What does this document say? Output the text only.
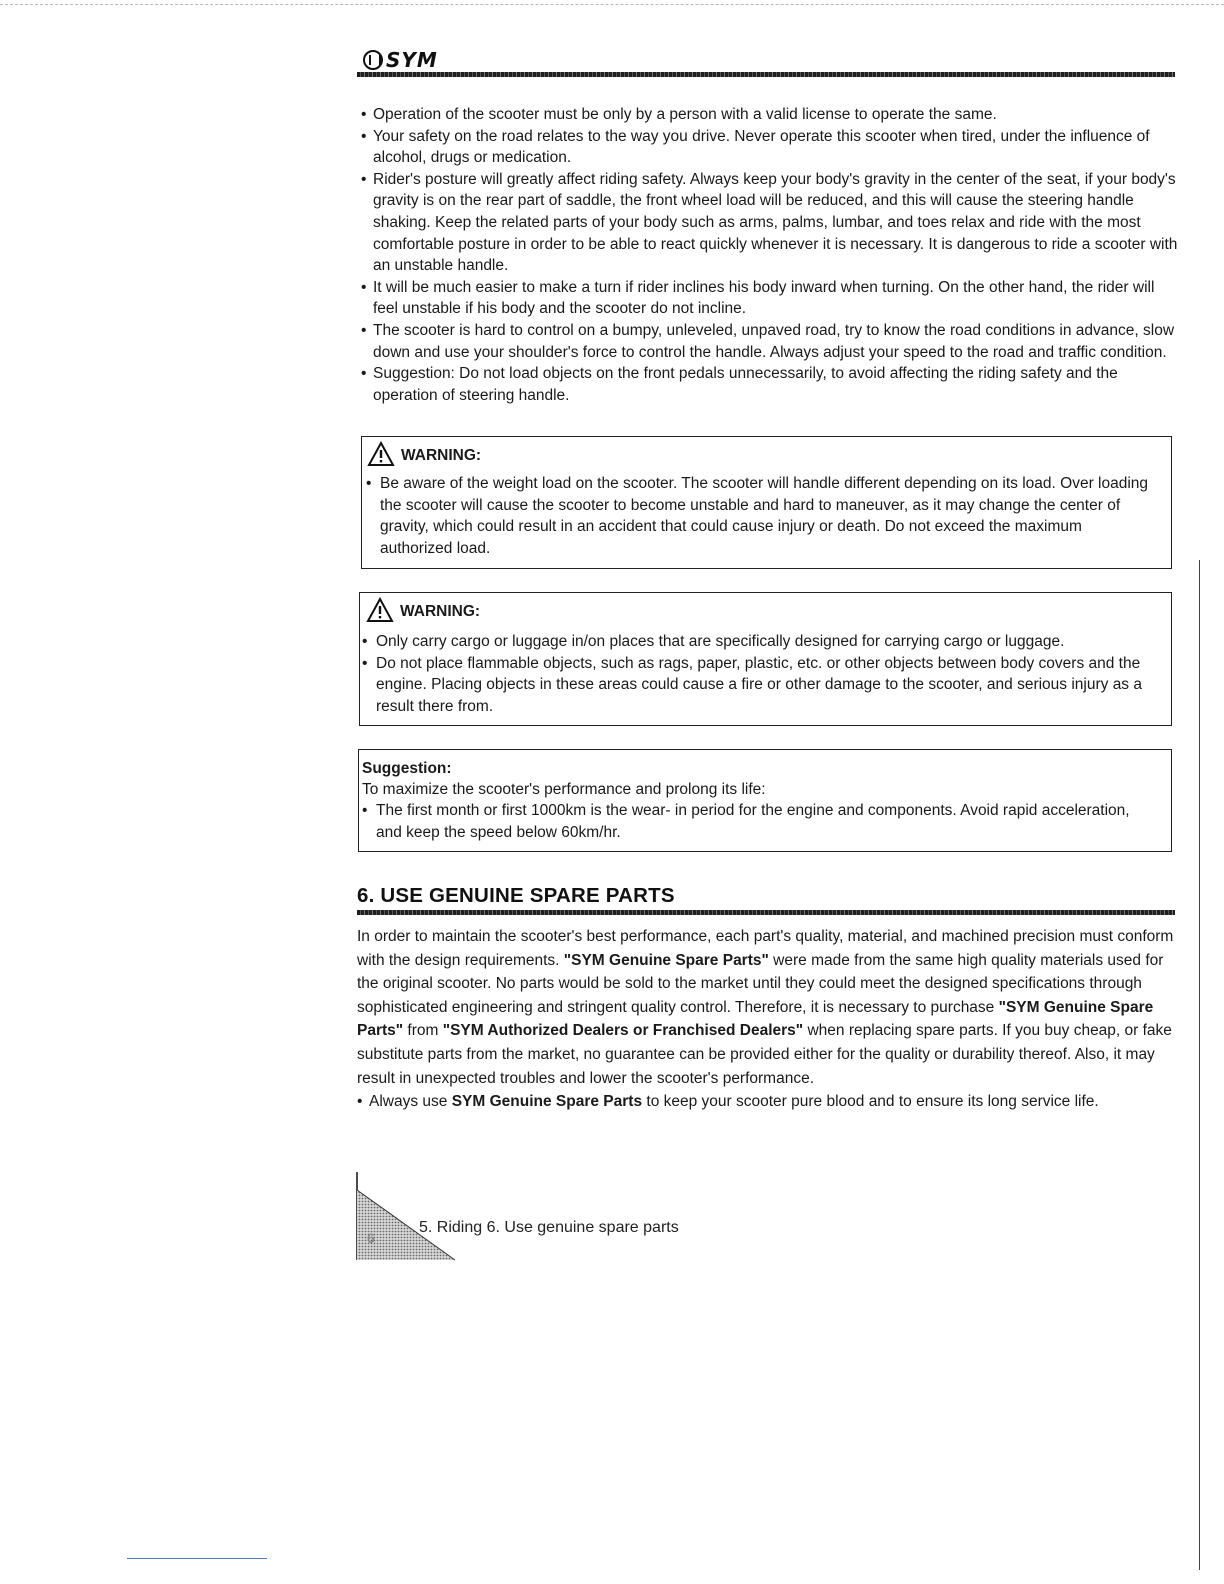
SYM
• Operation of the scooter must be only by a person with a valid license to operate the same.
• Your safety on the road relates to the way you drive. Never operate this scooter when tired, under the influence of alcohol, drugs or medication.
• Rider's posture will greatly affect riding safety. Always keep your body's gravity in the center of the seat, if your body's gravity is on the rear part of saddle, the front wheel load will be reduced, and this will cause the steering handle shaking. Keep the related parts of your body such as arms, palms, lumbar, and toes relax and ride with the most comfortable posture in order to be able to react quickly whenever it is necessary. It is dangerous to ride a scooter with an unstable handle.
• It will be much easier to make a turn if rider inclines his body inward when turning. On the other hand, the rider will feel unstable if his body and the scooter do not incline.
• The scooter is hard to control on a bumpy, unleveled, unpaved road, try to know the road conditions in advance, slow down and use your shoulder's force to control the handle. Always adjust your speed to the road and traffic condition.
• Suggestion: Do not load objects on the front pedals unnecessarily, to avoid affecting the riding safety and the operation of steering handle.
WARNING:
• Be aware of the weight load on the scooter. The scooter will handle different depending on its load. Over loading the scooter will cause the scooter to become unstable and hard to maneuver, as it may change the center of gravity, which could result in an accident that could cause injury or death. Do not exceed the maximum authorized load.
WARNING:
• Only carry cargo or luggage in/on places that are specifically designed for carrying cargo or luggage.
• Do not place flammable objects, such as rags, paper, plastic, etc. or other objects between body covers and the engine. Placing objects in these areas could cause a fire or other damage to the scooter, and serious injury as a result there from.
Suggestion:
To maximize the scooter's performance and prolong its life:
• The first month or first 1000km is the wear- in period for the engine and components. Avoid rapid acceleration, and keep the speed below 60km/hr.
6. USE GENUINE SPARE PARTS

In order to maintain the scooter's best performance, each part's quality, material, and machined precision must conform with the design requirements. "SYM Genuine Spare Parts" were made from the same high quality materials used for the original scooter. No parts would be sold to the market until they could meet the designed specifications through sophisticated engineering and stringent quality control. Therefore, it is necessary to purchase "SYM Genuine Spare Parts" from "SYM Authorized Dealers or Franchised Dealers" when replacing spare parts. If you buy cheap, or fake substitute parts from the market, no guarantee can be provided either for the quality or durability thereof. Also, it may result in unexpected troubles and lower the scooter's performance.

• Always use SYM Genuine Spare Parts to keep your scooter pure blood and to ensure its long service life.
6
5. Riding 6. Use genuine spare parts
